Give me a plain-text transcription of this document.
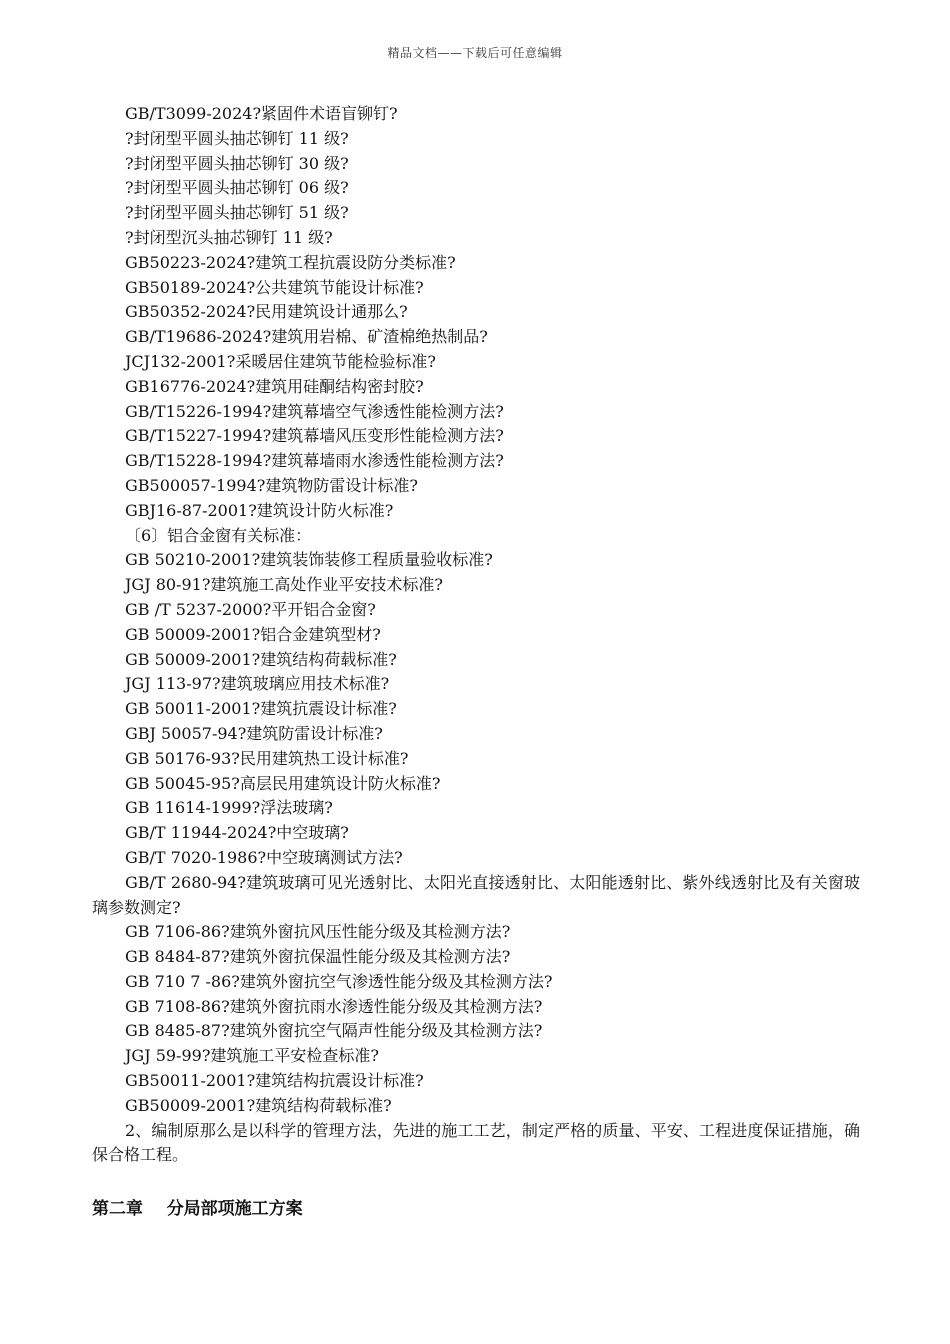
精品文档——下载后可任意编辑
GB/T3099-2024?紧固件术语盲铆钉?
?封闭型平圆头抽芯铆钉 11 级?
?封闭型平圆头抽芯铆钉 30 级?
?封闭型平圆头抽芯铆钉 06 级?
?封闭型平圆头抽芯铆钉 51 级?
?封闭型沉头抽芯铆钉 11 级?
GB50223-2024?建筑工程抗震设防分类标准?
GB50189-2024?公共建筑节能设计标准?
GB50352-2024?民用建筑设计通那么?
GB/T19686-2024?建筑用岩棉、矿渣棉绝热制品?
JCJ132-2001?采暖居住建筑节能检验标准?
GB16776-2024?建筑用硅酮结构密封胶?
GB/T15226-1994?建筑幕墙空气渗透性能检测方法?
GB/T15227-1994?建筑幕墙风压变形性能检测方法?
GB/T15228-1994?建筑幕墙雨水渗透性能检测方法?
GB500057-1994?建筑物防雷设计标准?
GBJ16-87-2001?建筑设计防火标准?
〔6〕铝合金窗有关标准：
GB 50210-2001?建筑装饰装修工程质量验收标准?
JGJ 80-91?建筑施工高处作业平安技术标准?
GB /T 5237-2000?平开铝合金窗?
GB 50009-2001?铝合金建筑型材?
GB 50009-2001?建筑结构荷载标准?
JGJ 113-97?建筑玻璃应用技术标准?
GB 50011-2001?建筑抗震设计标准?
GBJ 50057-94?建筑防雷设计标准?
GB 50176-93?民用建筑热工设计标准?
GB 50045-95?高层民用建筑设计防火标准?
GB 11614-1999?浮法玻璃?
GB/T 11944-2024?中空玻璃?
GB/T 7020-1986?中空玻璃测试方法?
GB/T 2680-94?建筑玻璃可见光透射比、太阳光直接透射比、太阳能透射比、紫外线透射比及有关窗玻璃参数测定?
GB 7106-86?建筑外窗抗风压性能分级及其检测方法?
GB 8484-87?建筑外窗抗保温性能分级及其检测方法?
GB 710 7 -86?建筑外窗抗空气渗透性能分级及其检测方法?
GB 7108-86?建筑外窗抗雨水渗透性能分级及其检测方法?
GB 8485-87?建筑外窗抗空气隔声性能分级及其检测方法?
JGJ 59-99?建筑施工平安检查标准?
GB50011-2001?建筑结构抗震设计标准?
GB50009-2001?建筑结构荷载标准?
2、编制原那么是以科学的管理方法，先进的施工工艺，制定严格的质量、平安、工程进度保证措施，确保合格工程。
第二章 分局部项施工方案
